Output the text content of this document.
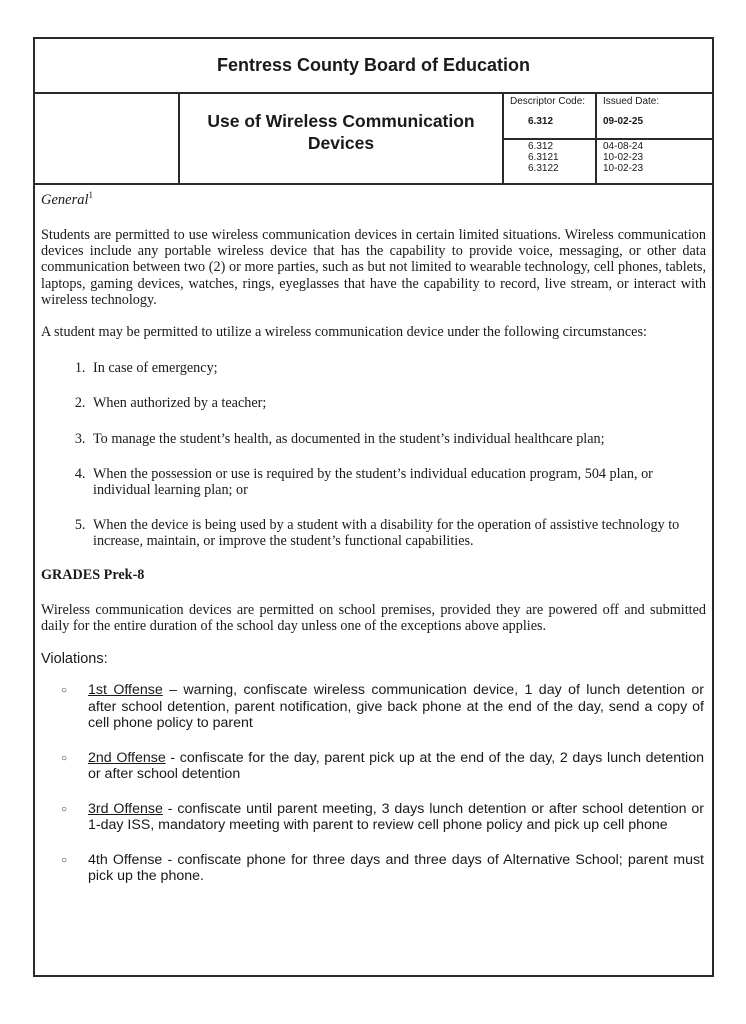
Fentress County Board of Education
Use of Wireless Communication
Devices
Descriptor Code:
6.312
Issued Date:
09-02-25
6.312
6.3121
6.3122
04-08-24
10-02-23
10-02-23
General$^1$

Students are permitted to use wireless communication devices in certain limited situations. Wireless communication devices include any portable wireless device that has the capability to provide voice, messaging, or other data communication between two (2) or more parties, such as but not limited to wearable technology, cell phones, tablets, laptops, gaming devices, watches, rings, eyeglasses that have the capability to record, live stream, or interact with wireless technology.

A student may be permitted to utilize a wireless communication device under the following circumstances:

1. In case of emergency;
2. When authorized by a teacher;
3. To manage the student’s health, as documented in the student’s individual healthcare plan;
4. When the possession or use is required by the student’s individual education program, 504 plan, or individual learning plan; or
5. When the device is being used by a student with a disability for the operation of assistive technology to increase, maintain, or improve the student’s functional capabilities.
GRADES Prek-8

Wireless communication devices are permitted on school premises, provided they are powered off and submitted daily for the entire duration of the school day unless one of the exceptions above applies.

Violations:
○ 1st Offense – warning, confiscate wireless communication device, 1 day of lunch detention or after school detention, parent notification, give back phone at the end of the day, send a copy of cell phone policy to parent
○ 2nd Offense - confiscate for the day, parent pick up at the end of the day, 2 days lunch detention or after school detention
○ 3rd Offense - confiscate until parent meeting, 3 days lunch detention or after school detention or 1-day ISS, mandatory meeting with parent to review cell phone policy and pick up cell phone
○ 4th Offense - confiscate phone for three days and three days of Alternative School; parent must pick up the phone.
